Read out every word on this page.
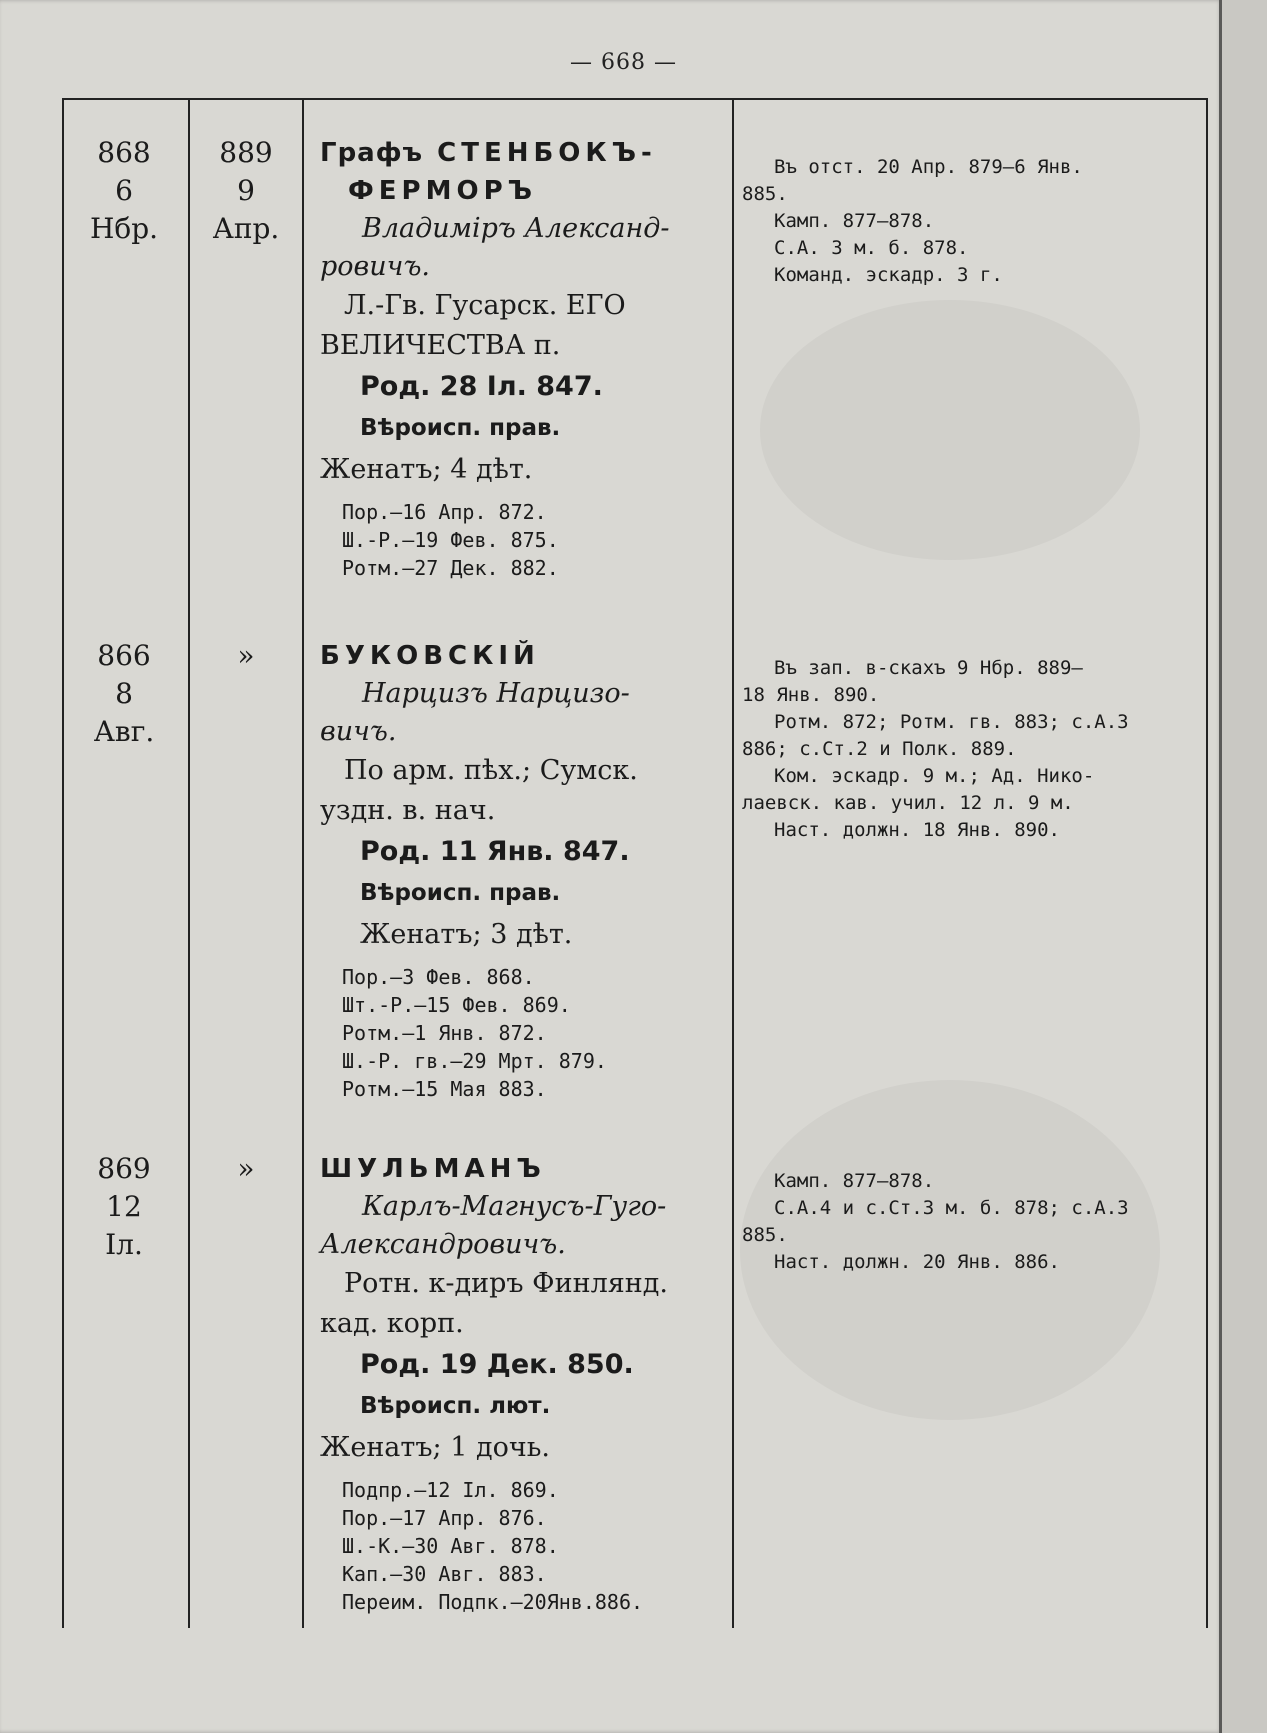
— 668 —
868
6
Нбр.
889
9
Апр.
Графъ СТЕНБОКЪ-
ФЕРМОРЪ
Владиміръ Александ-
ровичъ.
Л.-Гв. Гусарск. ЕГО
ВЕЛИЧЕСТВА п.
Род. 28 Іл. 847.
Вѣроисп. прав.
Женатъ; 4 дѣт.
Пор.—16 Апр. 872.
Ш.-Р.—19 Фев. 875.
Ротм.—27 Дек. 882.
Въ отст. 20 Апр. 879—6 Янв.
885.
Камп. 877—878.
С.А. 3 м. б. 878.
Команд. эскадр. 3 г.
866
8
Авг.
»	БУКОВСКІЙ
Нарцизъ Нарцизо-
вичъ.
По арм. пѣх.; Сумск.
уздн. в. нач.
Род. 11 Янв. 847.
Вѣроисп. прав.
Женатъ; 3 дѣт.
Пор.—3 Фев. 868.
Шт.-Р.—15 Фев. 869.
Ротм.—1 Янв. 872.
Ш.-Р. гв.—29 Мрт. 879.
Ротм.—15 Мая 883.
Въ зап. в-скахъ 9 Нбр. 889—
18 Янв. 890.
Ротм. 872; Ротм. гв. 883; с.А.3
886; с.Ст.2 и Полк. 889.
Ком. эскадр. 9 м.; Ад. Нико-
лаевск. кав. учил. 12 л. 9 м.
Наст. должн. 18 Янв. 890.
869
12
Іл.
»	ШУЛЬМАНЪ
Карлъ-Магнусъ-Гуго-
Александровичъ.
Ротн. к-диръ Финлянд.
кад. корп.
Род. 19 Дек. 850.
Вѣроисп. лют.
Женатъ; 1 дочь.
Подпр.—12 Іл. 869.
Пор.—17 Апр. 876.
Ш.-К.—30 Авг. 878.
Кап.—30 Авг. 883.
Переим. Подпк.—20Янв.886.
Камп. 877—878.
С.А.4 и с.Ст.3 м. б. 878; с.А.3
885.
Наст. должн. 20 Янв. 886.
